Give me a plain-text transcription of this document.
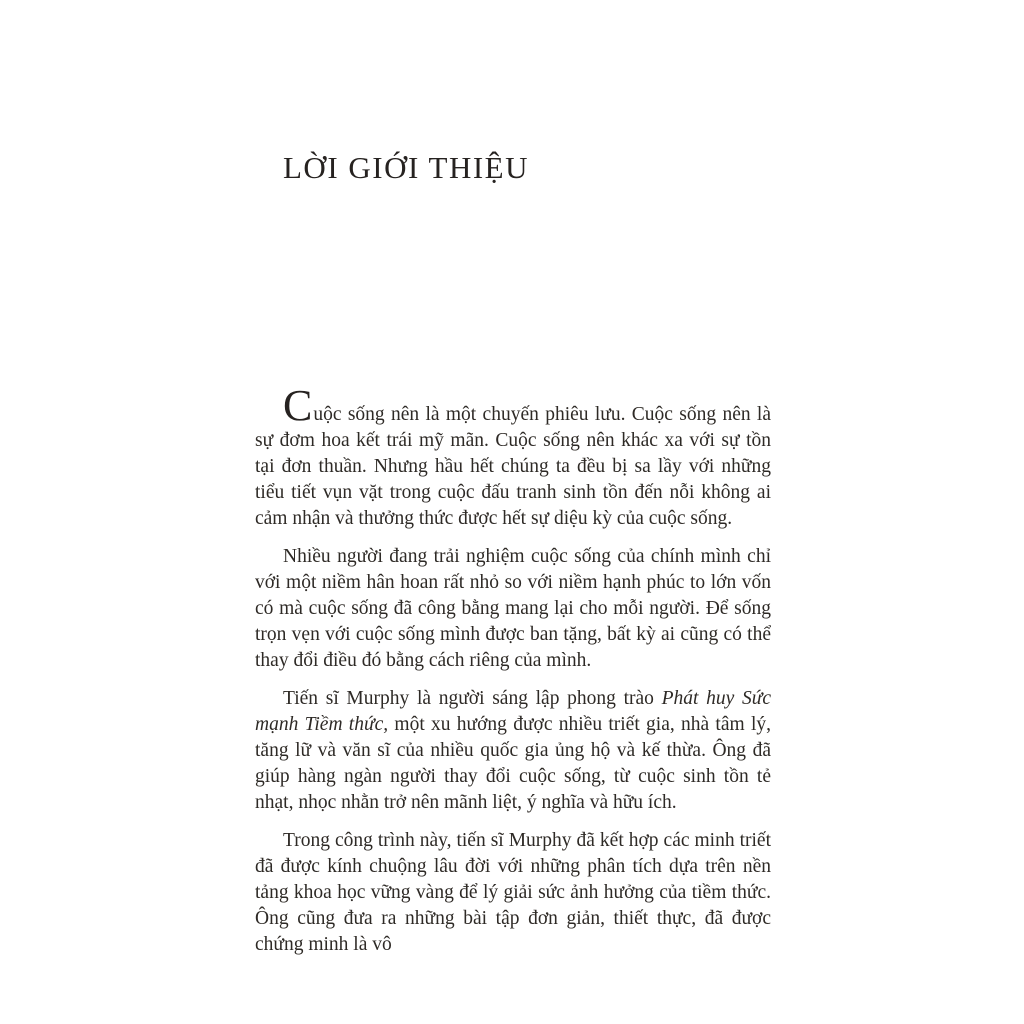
LỜI GIỚI THIỆU

Cuộc sống nên là một chuyến phiêu lưu. Cuộc sống nên là sự đơm hoa kết trái mỹ mãn. Cuộc sống nên khác xa với sự tồn tại đơn thuần. Nhưng hầu hết chúng ta đều bị sa lầy với những tiểu tiết vụn vặt trong cuộc đấu tranh sinh tồn đến nỗi không ai cảm nhận và thưởng thức được hết sự diệu kỳ của cuộc sống.

Nhiều người đang trải nghiệm cuộc sống của chính mình chỉ với một niềm hân hoan rất nhỏ so với niềm hạnh phúc to lớn vốn có mà cuộc sống đã công bằng mang lại cho mỗi người. Để sống trọn vẹn với cuộc sống mình được ban tặng, bất kỳ ai cũng có thể thay đổi điều đó bằng cách riêng của mình.

Tiến sĩ Murphy là người sáng lập phong trào Phát huy Sức mạnh Tiềm thức, một xu hướng được nhiều triết gia, nhà tâm lý, tăng lữ và văn sĩ của nhiều quốc gia ủng hộ và kế thừa. Ông đã giúp hàng ngàn người thay đổi cuộc sống, từ cuộc sinh tồn tẻ nhạt, nhọc nhằn trở nên mãnh liệt, ý nghĩa và hữu ích.

Trong công trình này, tiến sĩ Murphy đã kết hợp các minh triết đã được kính chuộng lâu đời với những phân tích dựa trên nền tảng khoa học vững vàng để lý giải sức ảnh hưởng của tiềm thức. Ông cũng đưa ra những bài tập đơn giản, thiết thực, đã được chứng minh là vô
